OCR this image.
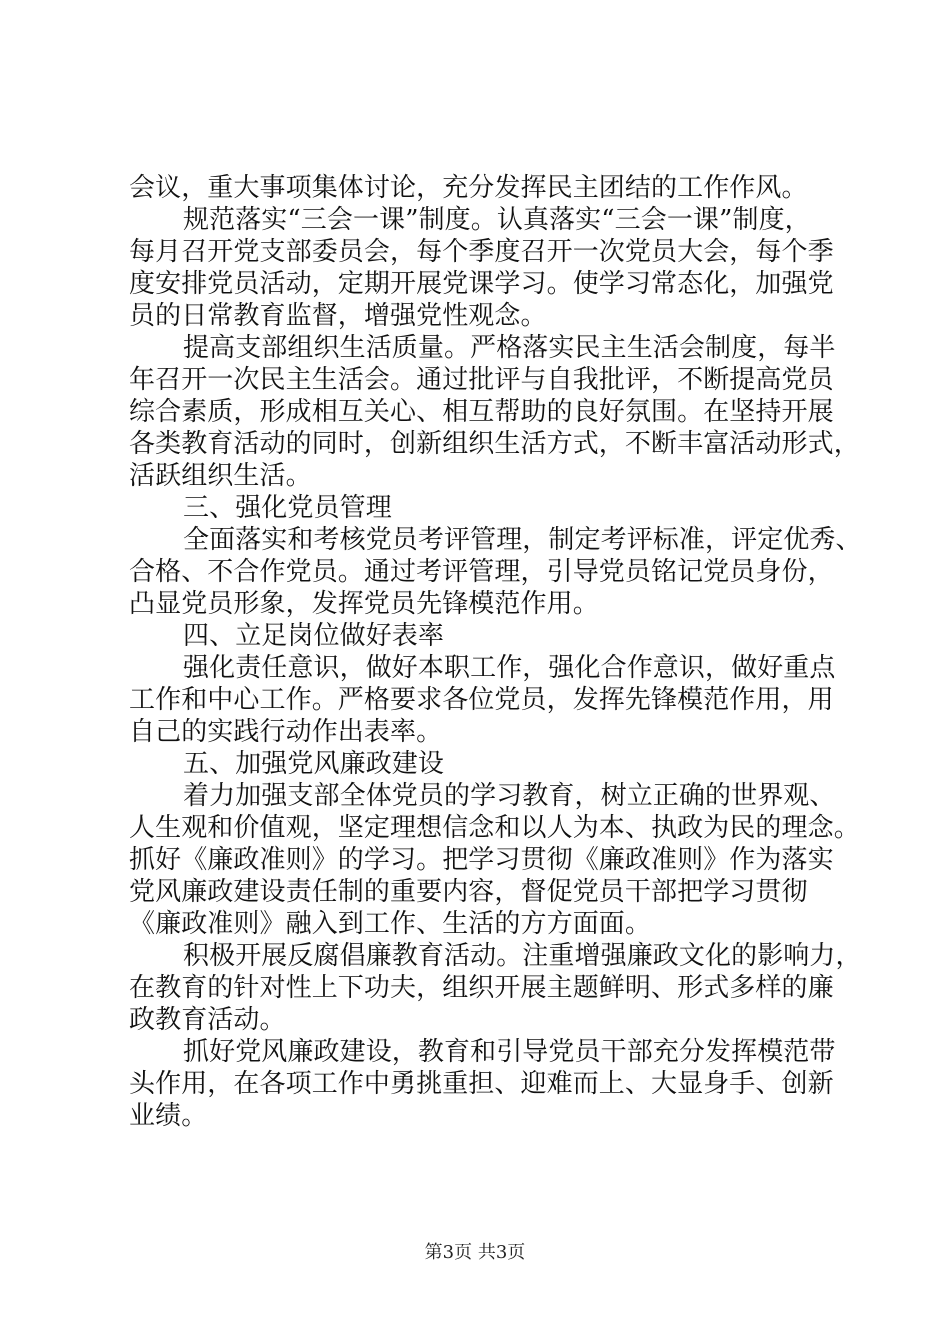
会议，重大事项集体讨论，充分发挥民主团结的工作作风。
规范落实“三会一课”制度。认真落实“三会一课”制度，
每月召开党支部委员会，每个季度召开一次党员大会，每个季
度安排党员活动，定期开展党课学习。使学习常态化，加强党
员的日常教育监督，增强党性观念。
提高支部组织生活质量。严格落实民主生活会制度，每半
年召开一次民主生活会。通过批评与自我批评，不断提高党员
综合素质，形成相互关心、相互帮助的良好氛围。在坚持开展
各类教育活动的同时，创新组织生活方式，不断丰富活动形式，
活跃组织生活。
三、强化党员管理
全面落实和考核党员考评管理，制定考评标准，评定优秀、
合格、不合作党员。通过考评管理，引导党员铭记党员身份，
凸显党员形象，发挥党员先锋模范作用。
四、立足岗位做好表率
强化责任意识，做好本职工作，强化合作意识，做好重点
工作和中心工作。严格要求各位党员，发挥先锋模范作用，用
自己的实践行动作出表率。
五、加强党风廉政建设
着力加强支部全体党员的学习教育，树立正确的世界观、
人生观和价值观，坚定理想信念和以人为本、执政为民的理念。
抓好《廉政准则》的学习。把学习贯彻《廉政准则》作为落实
党风廉政建设责任制的重要内容，督促党员干部把学习贯彻
《廉政准则》融入到工作、生活的方方面面。
积极开展反腐倡廉教育活动。注重增强廉政文化的影响力，
在教育的针对性上下功夫，组织开展主题鲜明、形式多样的廉
政教育活动。
抓好党风廉政建设，教育和引导党员干部充分发挥模范带
头作用，在各项工作中勇挑重担、迎难而上、大显身手、创新
业绩。
第3页 共3页
